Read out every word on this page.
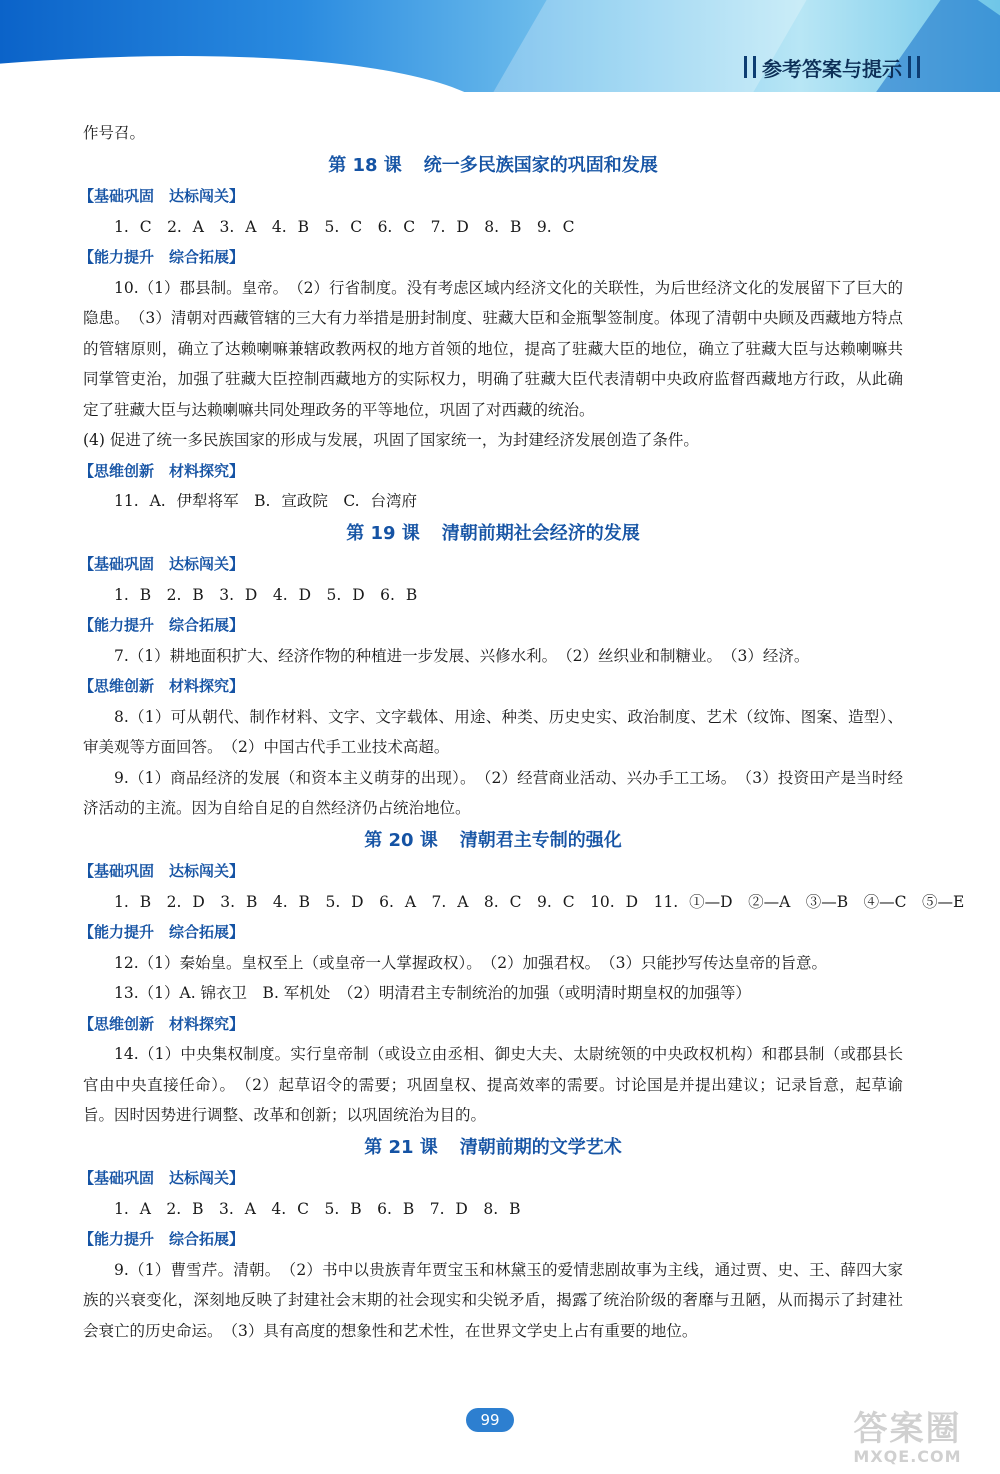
参考答案与提示

作号召。

第 18 课 统一多民族国家的巩固和发展

【基础巩固　达标闯关】

1. C　2. A　3. A　4. B　5. C　6. C　7. D　8. B　9. C

【能力提升　综合拓展】

10.（1）郡县制。皇帝。　（2）行省制度。没有考虑区域内经济文化的关联性，为后世经济文化的发展留下了巨大的隐患。　（3）清朝对西藏管辖的三大有力举措是册封制度、驻藏大臣和金瓶掣签制度。体现了清朝中央顾及西藏地方特点的管辖原则，确立了达赖喇嘛兼辖政教两权的地方首领的地位，提高了驻藏大臣的地位，确立了驻藏大臣与达赖喇嘛共同掌管吏治，加强了驻藏大臣控制西藏地方的实际权力，明确了驻藏大臣代表清朝中央政府监督西藏地方行政，从此确定了驻藏大臣与达赖喇嘛共同处理政务的平等地位，巩固了对西藏的统治。

(4) 促进了统一多民族国家的形成与发展，巩固了国家统一，为封建经济发展创造了条件。

【思维创新　材料探究】

11. A. 伊犁将军　B. 宣政院　C. 台湾府

第 19 课 清朝前期社会经济的发展

【基础巩固　达标闯关】

1. B　2. B　3. D　4. D　5. D　6. B

【能力提升　综合拓展】

7.（1）耕地面积扩大、经济作物的种植进一步发展、兴修水利。　（2）丝织业和制糖业。　（3）经济。

【思维创新　材料探究】

8.（1）可从朝代、制作材料、文字、文字载体、用途、种类、历史史实、政治制度、艺术（纹饰、图案、造型）、审美观等方面回答。　（2）中国古代手工业技术高超。

9.（1）商品经济的发展（和资本主义萌芽的出现）。　（2）经营商业活动、兴办手工工场。　（3）投资田产是当时经济活动的主流。因为自给自足的自然经济仍占统治地位。

第 20 课 清朝君主专制的强化

【基础巩固　达标闯关】

1. B　2. D　3. B　4. B　5. D　6. A　7. A　8. C　9. C　10. D　11. ①—D　②—A　③—B　④—C　⑤—E

【能力提升　综合拓展】

12.（1）秦始皇。皇权至上（或皇帝一人掌握政权）。　（2）加强君权。　（3）只能抄写传达皇帝的旨意。

13.（1）A. 锦衣卫　B. 军机处　（2）明清君主专制统治的加强（或明清时期皇权的加强等）

【思维创新　材料探究】

14.（1）中央集权制度。实行皇帝制（或设立由丞相、御史大夫、太尉统领的中央政权机构）和郡县制（或郡县长官由中央直接任命）。　（2）起草诏令的需要；巩固皇权、提高效率的需要。讨论国是并提出建议；记录旨意，起草谕旨。因时因势进行调整、改革和创新；以巩固统治为目的。

第 21 课 清朝前期的文学艺术

【基础巩固　达标闯关】

1. A　2. B　3. A　4. C　5. B　6. B　7. D　8. B

【能力提升　综合拓展】

9.（1）曹雪芹。清朝。　（2）书中以贵族青年贾宝玉和林黛玉的爱情悲剧故事为主线，通过贾、史、王、薛四大家族的兴衰变化，深刻地反映了封建社会末期的社会现实和尖锐矛盾，揭露了统治阶级的奢靡与丑陋，从而揭示了封建社会衰亡的历史命运。　（3）具有高度的想象性和艺术性，在世界文学史上占有重要的地位。

99	答案圈
MXQE.COM
